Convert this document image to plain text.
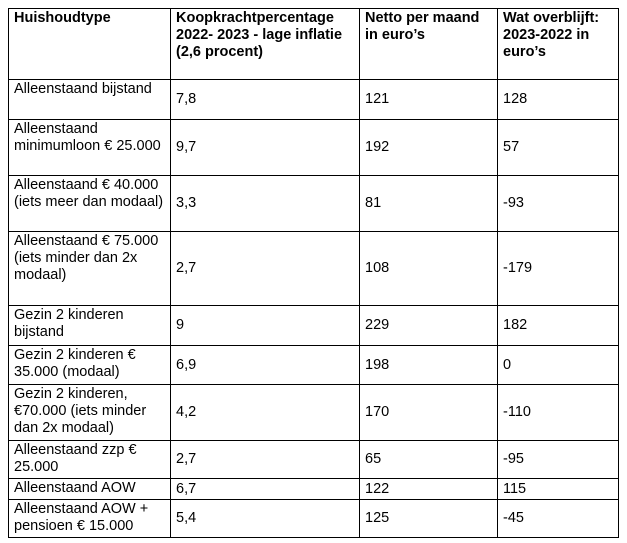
Huishoudtype	Koopkrachtpercentage 2022- 2023 - lage inflatie (2,6 procent)	Netto per maand in euro’s	Wat overblijft: 2023-2022 in euro’s
Alleenstaand bijstand	7,8	121	128
Alleenstaand minimumloon € 25.000	9,7	192	57
Alleenstaand € 40.000 (iets meer dan modaal)	3,3	81	-93
Alleenstaand € 75.000 (iets minder dan 2x modaal)	2,7	108	-179
Gezin 2 kinderen bijstand	9	229	182
Gezin 2 kinderen € 35.000 (modaal)	6,9	198	0
Gezin 2 kinderen, €70.000 (iets minder dan 2x modaal)	4,2	170	-110
Alleenstaand zzp € 25.000	2,7	65	-95
Alleenstaand AOW	6,7	122	115
Alleenstaand AOW + pensioen € 15.000	5,4	125	-45
